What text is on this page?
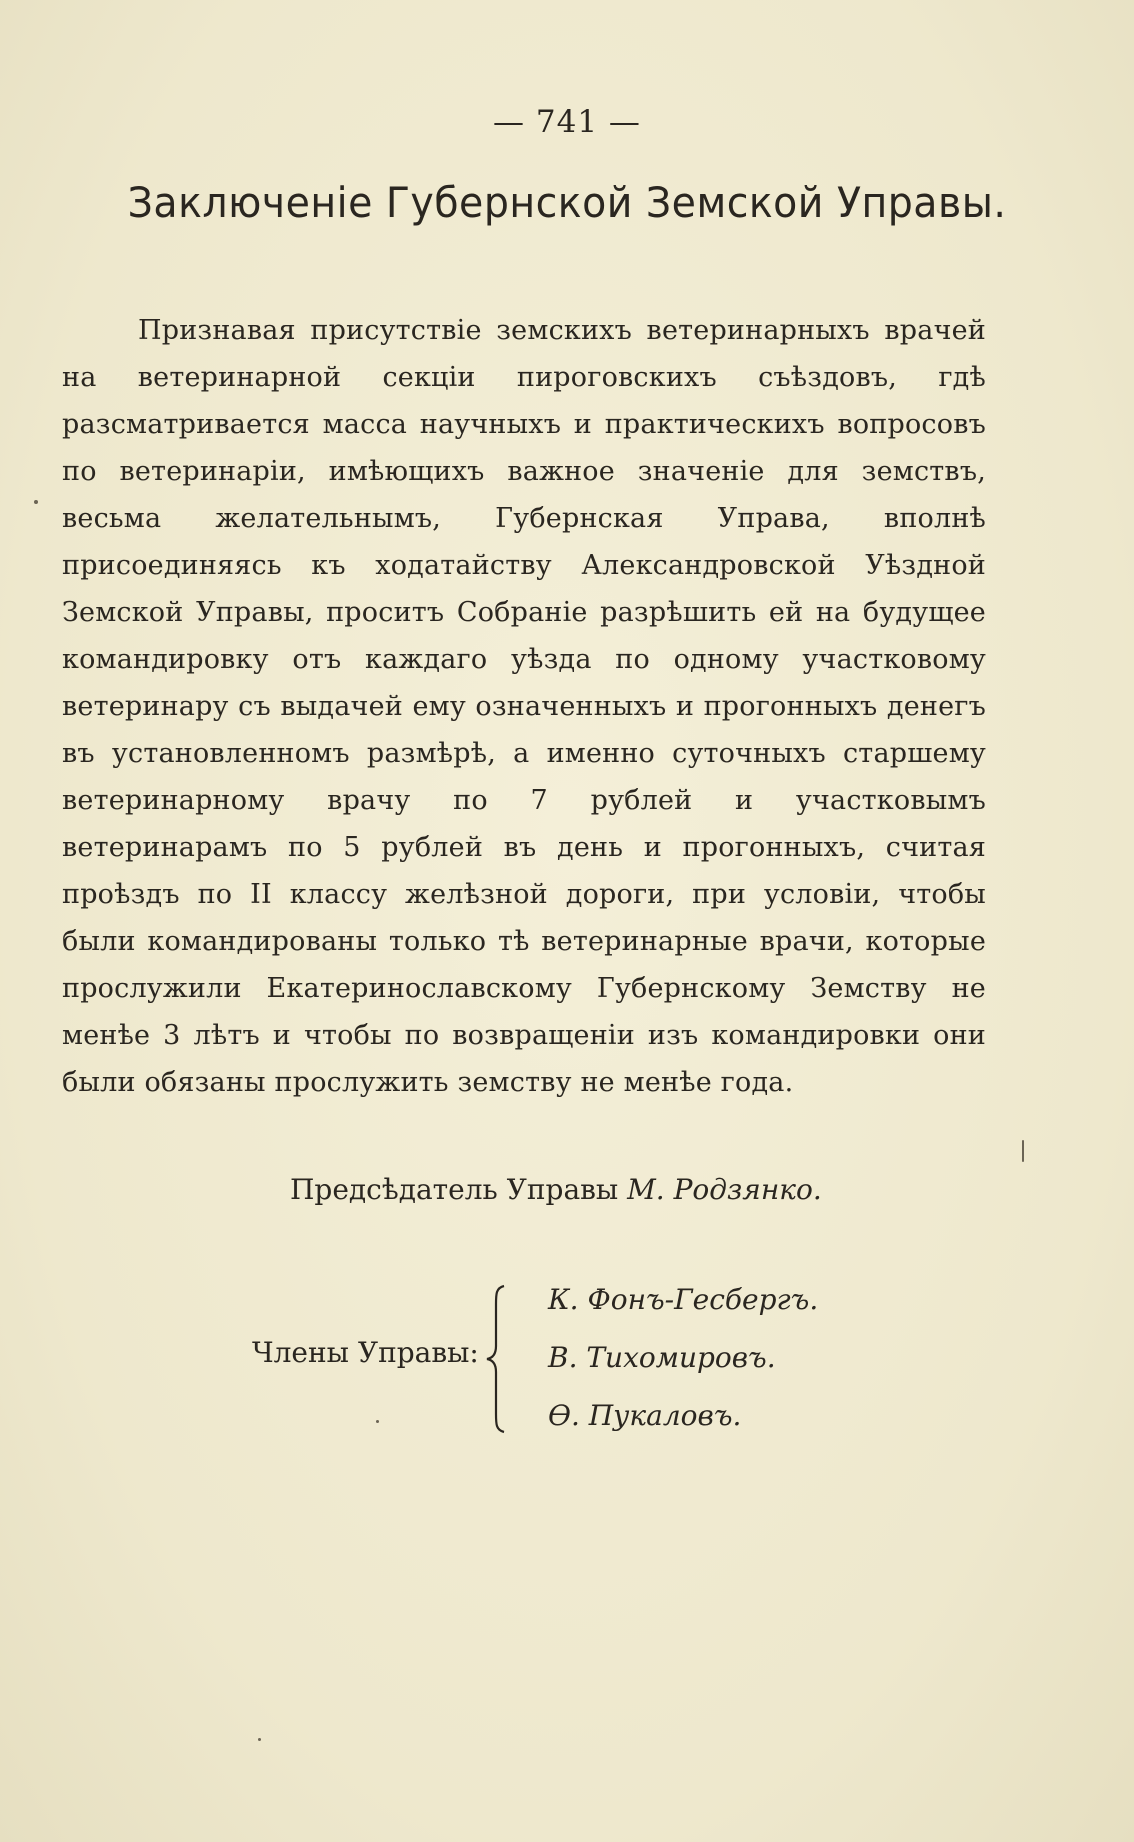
— 741 —
Заключеніе Губернской Земской Управы.

Признавая присутствіе земскихъ ветеринарныхъ врачей на ветеринарной секціи пироговскихъ съѣздовъ, гдѣ разсматривается масса научныхъ и практическихъ вопросовъ по ветеринаріи, имѣющихъ важное значеніе для земствъ, весьма желательнымъ, Губернская Управа, вполнѣ присоединяясь къ ходатайству Александровской Уѣздной Земской Управы, проситъ Собраніе разрѣшить ей на будущее командировку отъ каждаго уѣзда по одному участковому ветеринару съ выдачей ему означенныхъ и прогонныхъ денегъ въ установленномъ размѣрѣ, а именно суточныхъ старшему ветеринарному врачу по 7 рублей и участковымъ ветеринарамъ по 5 рублей въ день и прогонныхъ, считая проѣздъ по II классу желѣзной дороги, при условіи, чтобы были командированы только тѣ ветеринарные врачи, которые прослужили Екатеринославскому Губернскому Земству не менѣе 3 лѣтъ и чтобы по возвращеніи изъ командировки они были обязаны прослужить земству не менѣе года.

Предсѣдатель Управы М. Родзянко.
Члены Управы:
К. Фонъ-Гесбергъ.
В. Тихомировъ.
Ѳ. Пукаловъ.
